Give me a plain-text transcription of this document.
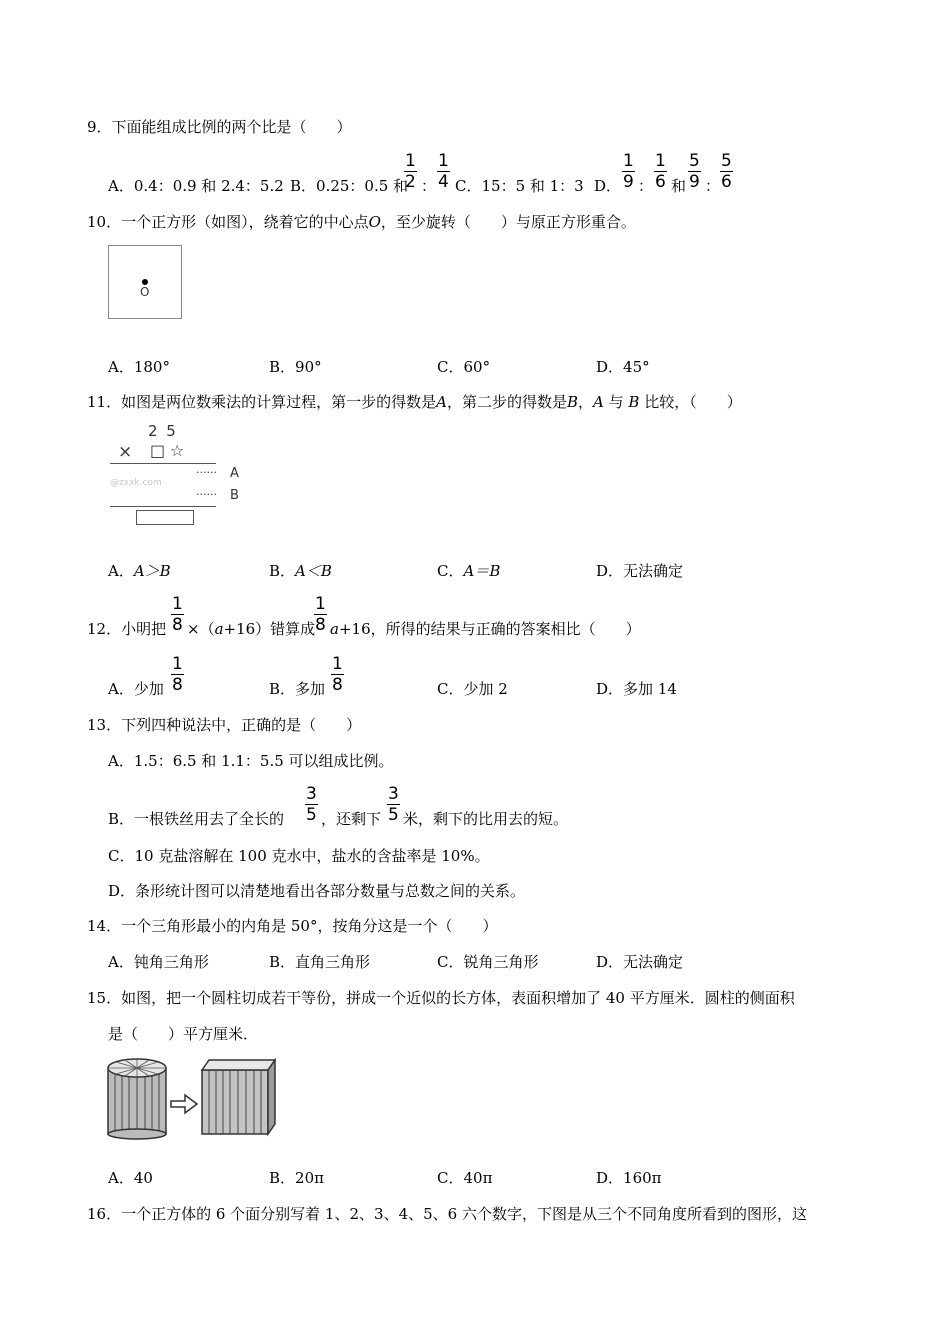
9．下面能组成比例的两个比是（　　）
A．0.4：0.9 和 2.4：5.2 B．0.25：0.5 和
1
2 ：
1
4 C．15：5 和 1：3 D．
1
9 ：
1
6 和
5
9 ：
5
6
10．一个正方形（如图），绕着它的中心点O，至少旋转（　　）与原正方形重合。
O
A．180°	B．90°	C．60°	D．45°
11．如图是两位数乘法的计算过程，第一步的得数是A，第二步的得数是B，A 与 B 比较，（　　）
2 5
× □ ☆
······ A
@zxxk.com
······ B
A．A＞B	B．A＜B	C．A＝B	D．无法确定
12．小明把
1
8 ×（a+16）错算成
1
8 a+16，所得的结果与正确的答案相比（　　）
A．少加
1
8	B．多加
1
8	C．少加 2	D．多加 14
13．下列四种说法中，正确的是（　　）
A．1.5：6.5 和 1.1：5.5 可以组成比例。
B．一根铁丝用去了全长的
3
5 ，还剩下
3
5 米，剩下的比用去的短。
C．10 克盐溶解在 100 克水中，盐水的含盐率是 10%。
D．条形统计图可以清楚地看出各部分数量与总数之间的关系。
14．一个三角形最小的内角是 50°，按角分这是一个（　　）
A．钝角三角形	B．直角三角形	C．锐角三角形	D．无法确定
15．如图，把一个圆柱切成若干等份，拼成一个近似的长方体，表面积增加了 40 平方厘米．圆柱的侧面积
是（　　）平方厘米．
A．40	B．20π	C．40π	D．160π
16．一个正方体的 6 个面分别写着 1、2、3、4、5、6 六个数字，下图是从三个不同角度所看到的图形，这
